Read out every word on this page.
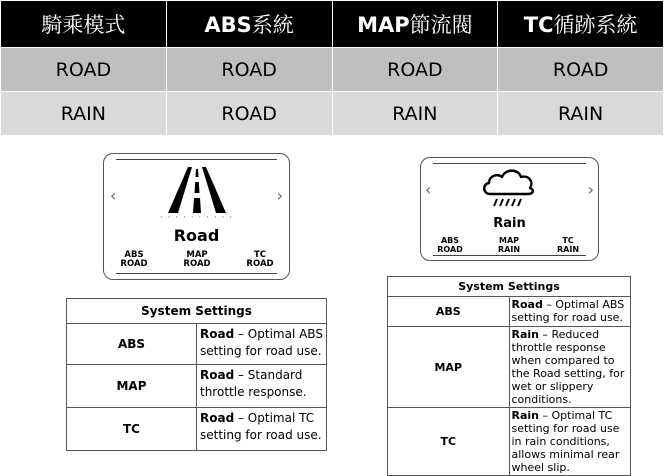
騎乘模式	ABS系統	MAP節流閥	TC循跡系統
ROAD	ROAD	ROAD	ROAD
RAIN	ROAD	RAIN	RAIN
‹	›
· · · · · · · · · ·
Road
ABS
ROAD
MAP
ROAD
TC
ROAD
‹	›
Rain
ABS
ROAD
MAP
RAIN
TC
RAIN
System Settings	
ABS	Road – Optimal ABS setting for road use.
MAP	Road – Standard throttle response.
TC	Road – Optimal TC setting for road use.
System Settings	
ABS	Road – Optimal ABS setting for road use.
MAP	Rain – Reduced throttle response when compared to the Road setting, for wet or slippery conditions.
TC	Rain – Optimal TC setting for road use in rain conditions, allows minimal rear wheel slip.
